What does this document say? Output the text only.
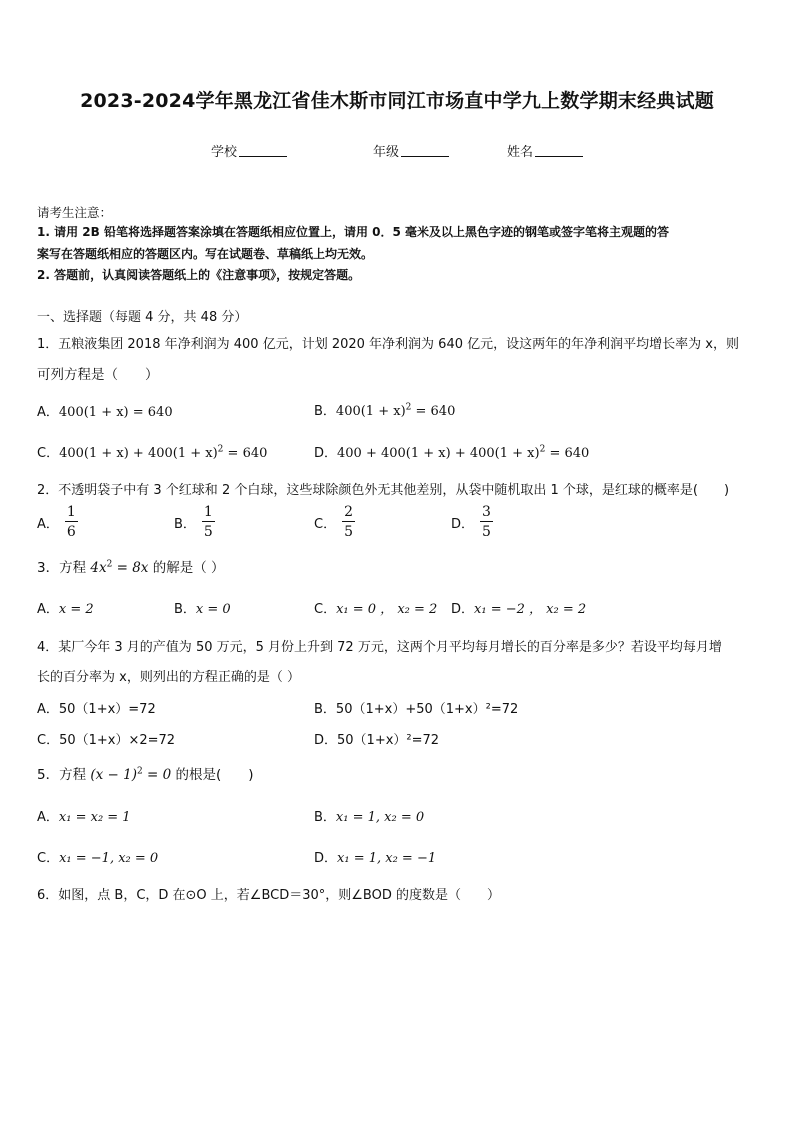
2023-2024学年黑龙江省佳木斯市同江市场直中学九上数学期末经典试题
学校	年级	姓名
请考生注意：
1. 请用 2B 铅笔将选择题答案涂填在答题纸相应位置上，请用 0．5 毫米及以上黑色字迹的钢笔或签字笔将主观题的答
案写在答题纸相应的答题区内。写在试题卷、草稿纸上均无效。
2. 答题前，认真阅读答题纸上的《注意事项》，按规定答题。
一、选择题（每题 4 分，共 48 分）
1．五粮液集团 2018 年净利润为 400 亿元，计划 2020 年净利润为 640 亿元，设这两年的年净利润平均增长率为 x，则
可列方程是（　　）
A．400(1 + x) = 640	B．$400(1 + x)^2 = 640$
C．$400(1 + x) + 400(1 + x)^2 = 640$	D．$400 + 400(1 + x) + 400(1 + x)^2 = 640$
2．不透明袋子中有 3 个红球和 2 个白球，这些球除颜色外无其他差别，从袋中随机取出 1 个球，是红球的概率是(　　)
A． $\frac{1}{6}$	B． $\frac{1}{5}$	C． $\frac{2}{5}$	D． $\frac{3}{5}$
3．方程 $4x^2 = 8x$ 的解是（ ）
A．x = 2	B．x = 0	C．x₁ = 0 ， x₂ = 2 D．x₁ = −2 ， x₂ = 2
4．某厂今年 3 月的产值为 50 万元，5 月份上升到 72 万元，这两个月平均每月增长的百分率是多少？若设平均每月增
长的百分率为 x，则列出的方程正确的是（ ）
A．50（1+x）=72	B．50（1+x）+50（1+x）²=72
C．50（1+x）×2=72	D．50（1+x）²=72
5．方程 $(x - 1)^2 = 0$ 的根是(　　)
A．x₁ = x₂ = 1	B．x₁ = 1, x₂ = 0
C．x₁ = −1, x₂ = 0	D．x₁ = 1, x₂ = −1
6．如图，点 B，C，D 在⊙O 上，若∠BCD＝30°，则∠BOD 的度数是（　　）
